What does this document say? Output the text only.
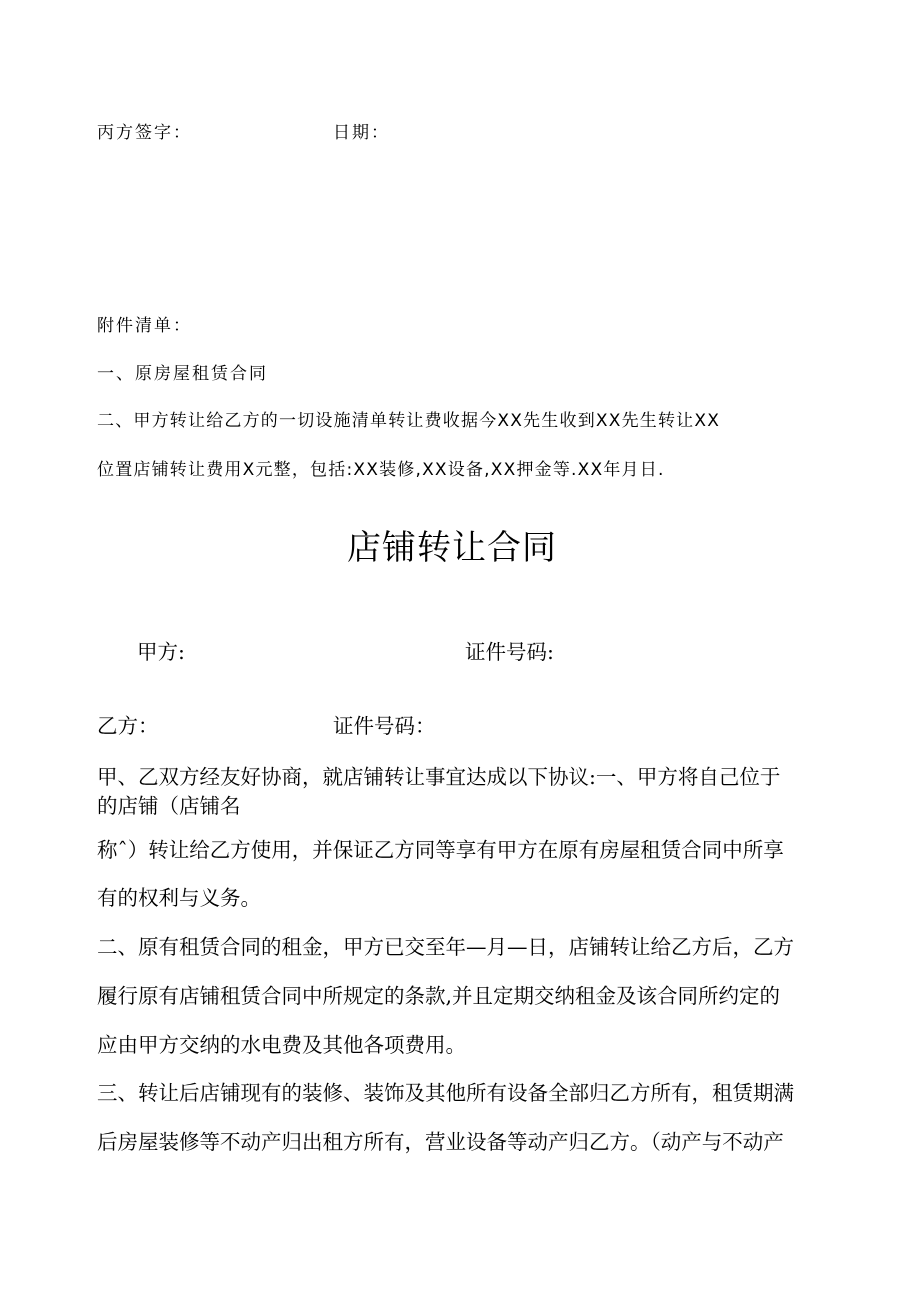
丙方签字：	日期：
附件清单：
一、原房屋租赁合同
二、甲方转让给乙方的一切设施清单转让费收据今XX先生收到XX先生转让XX
位置店铺转让费用X元整，包括:XX装修,XX设备,XX押金等.XX年月日.
店铺转让合同
甲方:	证件号码:
乙方：	证件号码：
甲、乙双方经友好协商，就店铺转让事宜达成以下协议:一、甲方将自己位于
的店铺（店铺名
称ˆ）转让给乙方使用，并保证乙方同等享有甲方在原有房屋租赁合同中所享
有的权利与义务。
二、原有租赁合同的租金，甲方已交至年—月—日，店铺转让给乙方后，乙方
履行原有店铺租赁合同中所规定的条款,并且定期交纳租金及该合同所约定的
应由甲方交纳的水电费及其他各项费用。
三、转让后店铺现有的装修、装饰及其他所有设备全部归乙方所有，租赁期满
后房屋装修等不动产归出租方所有，营业设备等动产归乙方。（动产与不动产
